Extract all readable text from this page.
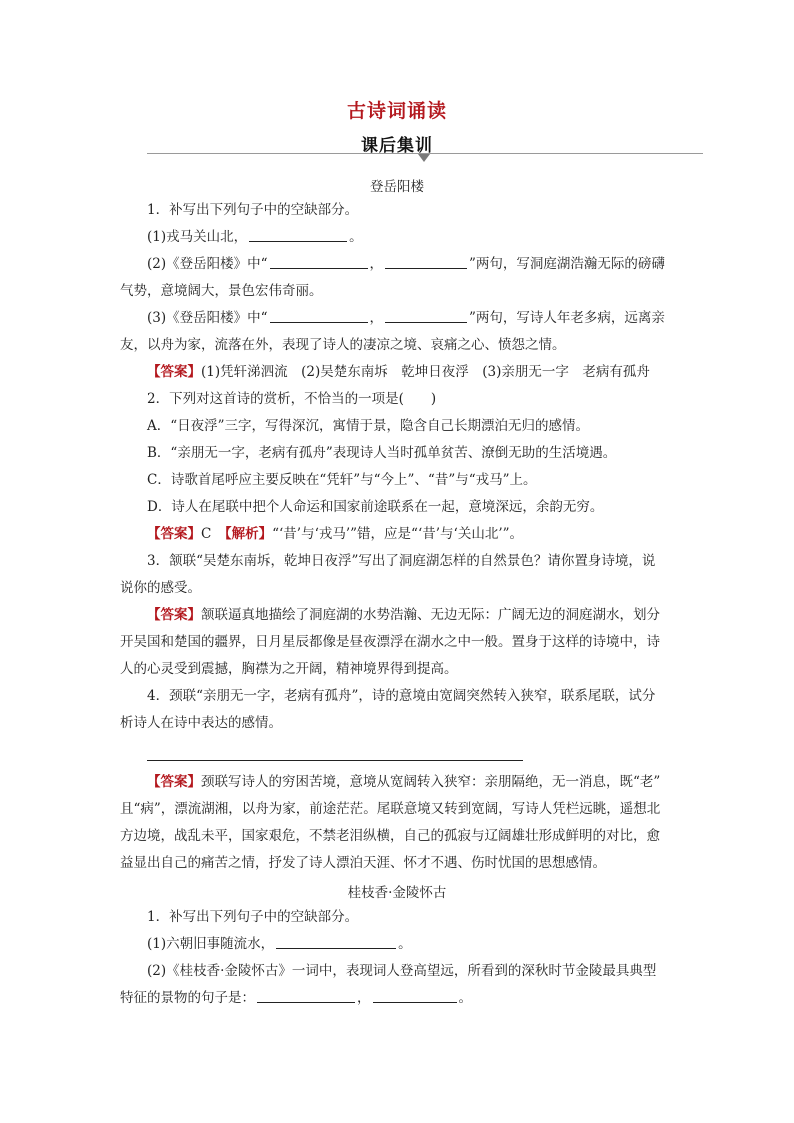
古诗词诵读
课后集训
登岳阳楼
1．补写出下列句子中的空缺部分。
(1)戎马关山北，	。
(2)《登岳阳楼》中“	，	”两句，写洞庭湖浩瀚无际的磅礴
气势，意境阔大，景色宏伟奇丽。
(3)《登岳阳楼》中“	，	”两句，写诗人年老多病，远离亲
友，以舟为家，流落在外，表现了诗人的凄凉之境、哀痛之心、愤怨之情。
【答案】(1)凭轩涕泗流　(2)吴楚东南坼　乾坤日夜浮　(3)亲朋无一字　老病有孤舟
2．下列对这首诗的赏析，不恰当的一项是(　　)
A．“日夜浮”三字，写得深沉，寓情于景，隐含自己长期漂泊无归的感情。
B．“亲朋无一字，老病有孤舟”表现诗人当时孤单贫苦、潦倒无助的生活境遇。
C．诗歌首尾呼应主要反映在“凭轩”与“今上”、“昔”与“戎马”上。
D．诗人在尾联中把个人命运和国家前途联系在一起，意境深远，余韵无穷。
【答案】C　【解析】“‘昔’与‘戎马’”错，应是“‘昔’与‘关山北’”。
3．颔联“吴楚东南坼，乾坤日夜浮”写出了洞庭湖怎样的自然景色？请你置身诗境，说
说你的感受。
【答案】颔联逼真地描绘了洞庭湖的水势浩瀚、无边无际：广阔无边的洞庭湖水，划分
开吴国和楚国的疆界，日月星辰都像是昼夜漂浮在湖水之中一般。置身于这样的诗境中，诗
人的心灵受到震撼，胸襟为之开阔，精神境界得到提高。
4．颈联“亲朋无一字，老病有孤舟”，诗的意境由宽阔突然转入狭窄，联系尾联，试分
析诗人在诗中表达的感情。
【答案】颈联写诗人的穷困苦境，意境从宽阔转入狭窄：亲朋隔绝，无一消息，既“老”
且“病”，漂流湖湘，以舟为家，前途茫茫。尾联意境又转到宽阔，写诗人凭栏远眺，遥想北
方边境，战乱未平，国家艰危，不禁老泪纵横，自己的孤寂与辽阔雄壮形成鲜明的对比，愈
益显出自己的痛苦之情，抒发了诗人漂泊天涯、怀才不遇、伤时忧国的思想感情。
桂枝香·金陵怀古
1．补写出下列句子中的空缺部分。
(1)六朝旧事随流水，	。
(2)《桂枝香·金陵怀古》一词中，表现词人登高望远，所看到的深秋时节金陵最具典型
特征的景物的句子是：	，	。
